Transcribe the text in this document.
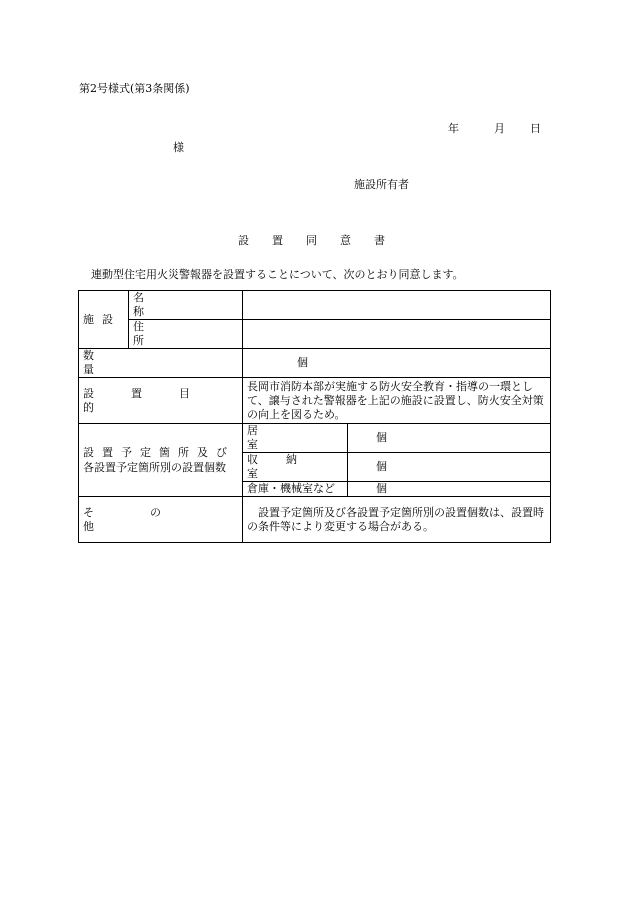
第2号様式(第3条関係)
年	月 日
様
施設所有者
設置同意書
連動型住宅用火災警報器を設置することについて、次のとおり同意します。
施設	名称		

	住所		

数量		個	

設置目的		長岡市消防本部が実施する防火安全教育・指導の一環として、譲与された警報器を上記の施設に設置し、防火安全対策の向上を図るため。	

設置予定箇所及び
各設置予定箇所別の設置個数		居室	個
		収納室	個
		倉庫・機械室など	個

その他		設置予定箇所及び各設置予定箇所別の設置個数は、設置時の条件等により変更する場合がある。	
